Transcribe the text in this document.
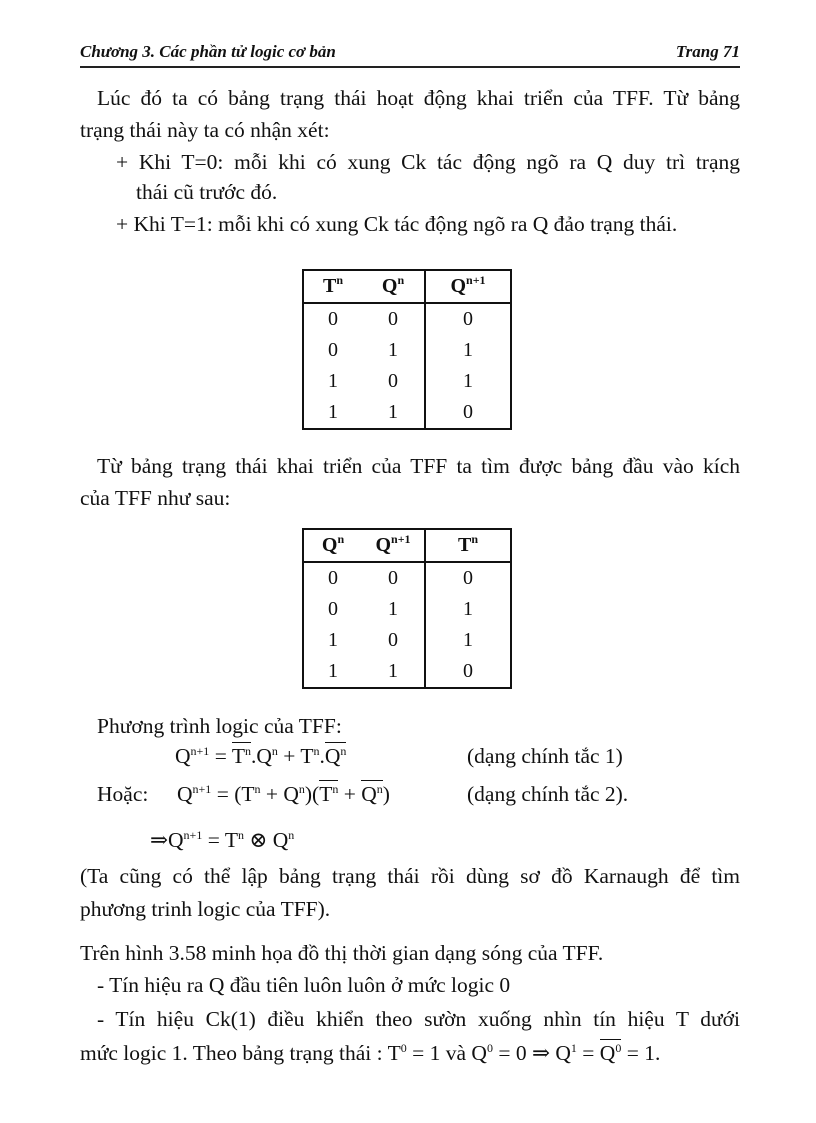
Chương 3. Các phần tử logic cơ bản	Trang 71

Lúc đó ta có bảng trạng thái hoạt động khai triển của TFF. Từ bảng

trạng thái này ta có nhận xét:

+ Khi T=0: mỗi khi có xung Ck tác động ngõ ra Q duy trì trạng

thái cũ trước đó.

+ Khi T=1: mỗi khi có xung Ck tác động ngõ ra Q đảo trạng thái.

$T^n$	$Q^n$	$Q^{n+1}$
0	0	0
0	1	1
1	0	1
1	1	0

Từ bảng trạng thái khai triển của TFF ta tìm được bảng đầu vào kích

của TFF như sau:

$Q^n$	$Q^{n+1}$	$T^n$
0	0	0
0	1	1
1	0	1
1	1	0

Phương trình logic của TFF:

$Q^{n+1} = T^n.Q^n + T^n.Q^n$	(dạng chính tắc 1)
Hoặc: $Q^{n+1} = (T^n + Q^n)(T^n + Q^n)$	(dạng chính tắc 2).
$\Rightarrow Q^{n+1} = T^n$ ⊗ $Q^n$

(Ta cũng có thể lập bảng trạng thái rồi dùng sơ đồ Karnaugh để tìm

phương trinh logic của TFF).

Trên hình 3.58 minh họa đồ thị thời gian dạng sóng của TFF.

- Tín hiệu ra Q đầu tiên luôn luôn ở mức logic 0

- Tín hiệu Ck(1) điều khiển theo sườn xuống nhìn tín hiệu T dưới

mức logic 1. Theo bảng trạng thái : $T^0 = 1$ và $Q^0 = 0$ ⇒ $Q^1 = Q^0 = 1$.
